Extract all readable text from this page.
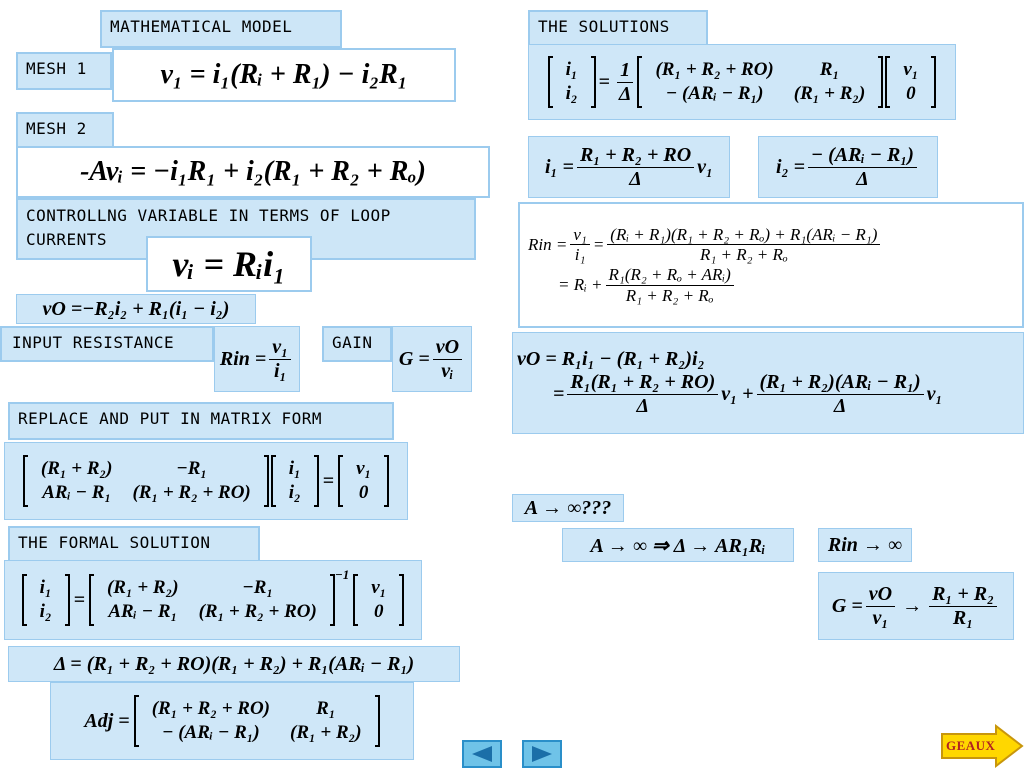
MATHEMATICAL MODEL
MESH 1	v₁ = i₁(Rᵢ + R₁) − i₂R₁
MESH 2
-Avᵢ = −i₁R₁ + i₂(R₁ + R₂ + Rₒ)
CONTROLLNG VARIABLE IN TERMS OF LOOP
CURRENTS
vᵢ = Rᵢi₁
vO =−R₂i₂ + R₁(i₁ − i₂)
INPUT RESISTANCE
Rin = $\frac{\text{v₁}}{\text{i₁}}$	GAIN
$G = \frac{vO}{\text{vᵢ}}$
REPLACE AND PUT IN MATRIX FORM
(R₁ + R₂)	−R₁
ARᵢ − R₁	(R₁ + R₂ + RO)
i₁
i₂
=
v₁
0
THE FORMAL SOLUTION
i₁
i₂
=
(R₁ + R₂)	−R₁
ARᵢ − R₁	(R₁ + R₂ + RO)
$^{-1}$
v₁
0
Δ = (R₁ + R₂ + RO)(R₁ + R₂) + R₁(ARᵢ − R₁)
Adj =
(R₁ + R₂ + RO)	R₁
− (ARᵢ − R₁)	(R₁ + R₂)
THE SOLUTIONS
i₁
i₂
= $\frac{1}{\Delta} (R_1 + R_2 + RO)$	R₁
− (ARᵢ − R₁)	(R₁ + R₂)
v₁
0
$i_1 = \frac{\text{R₁ + R₂ + RO}}{\Delta} v_1$	$i_2 = \frac{\text{− (ARᵢ − R₁)}}{\Delta}$
Rin = $\frac{\text{v₁}}{\text{i₁}} = \frac{\text{(Rᵢ + R₁)(R₁ + R₂ + Rₒ) + R₁(ARᵢ − R₁)}}{\text{R₁ + R₂ + Rₒ}}$
= Rᵢ + $\frac{\text{R₁(R₂ + Rₒ + ARᵢ)}}{\text{R₁ + R₂ + Rₒ}}$
vO = R₁i₁ − (R₁ + R₂)i₂
= $\frac{\text{R₁(R₁ + R₂ + RO)}}{\Delta} v_1 + \frac{\text{(R₁ + R₂)(ARᵢ − R₁)}}{\Delta} v_1$
A → ∞???
A → ∞ ⇒ Δ → AR₁Rᵢ	Rin → ∞
$G = \frac{vO}{\text{v₁}} \to \frac{\text{R₁ + R₂}}{\text{R₁}}$
GEAUX
